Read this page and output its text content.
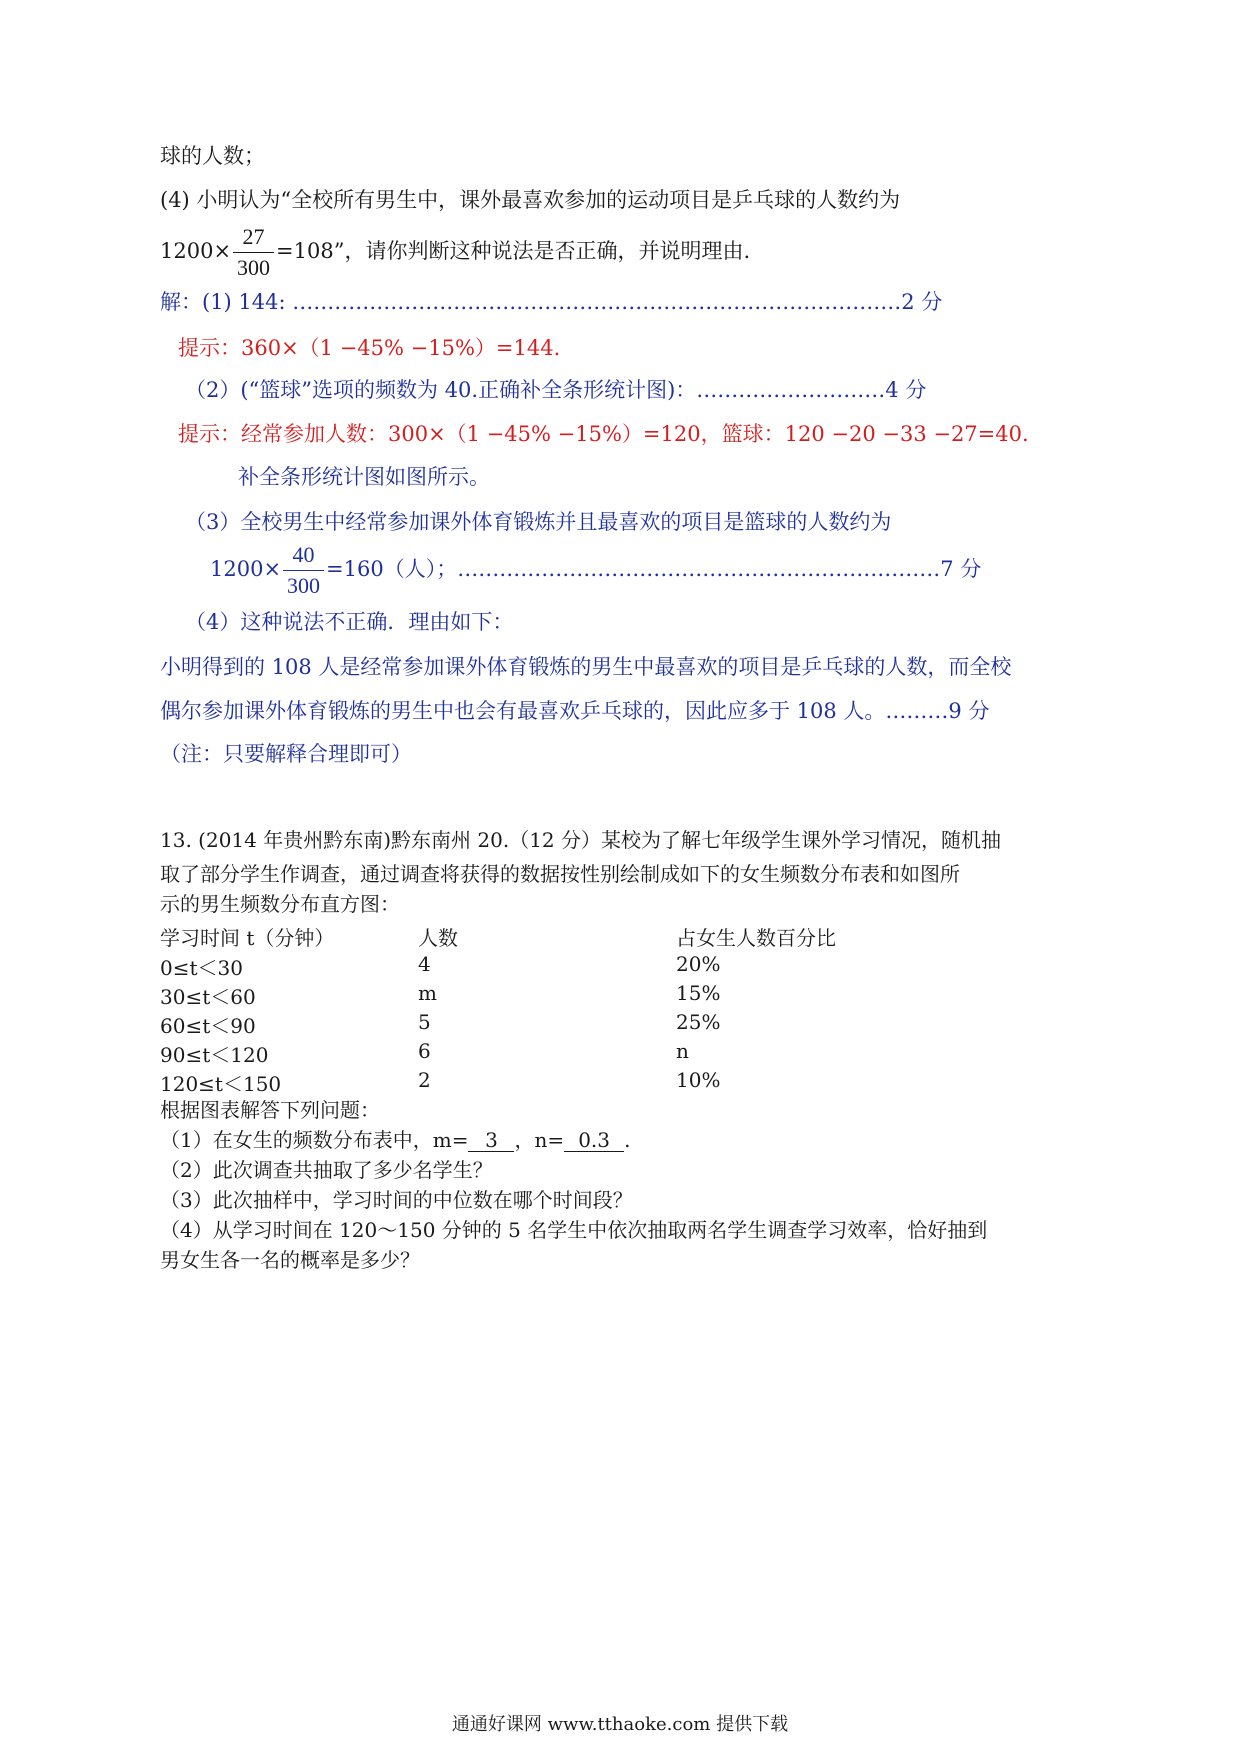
球的人数；
(4) 小明认为“全校所有男生中，课外最喜欢参加的运动项目是乒乓球的人数约为
$1200\times \frac{27}{300} =108$”，请你判断这种说法是否正确，并说明理由.
解：(1) 144: ……………………………………………………………………………2 分
提示：360×（1 −45% −15%）=144.
（2）(“篮球”选项的频数为 40.正确补全条形统计图)：………………………4 分
提示：经常参加人数：300×（1 −45% −15%）=120，篮球：120 −20 −33 −27=40.
补全条形统计图如图所示。
（3）全校男生中经常参加课外体育锻炼并且最喜欢的项目是篮球的人数约为
$1200\times \frac{40}{300} =160$（人）；……………………………………………………………7 分
（4）这种说法不正确．理由如下：
小明得到的 108 人是经常参加课外体育锻炼的男生中最喜欢的项目是乒乓球的人数，而全校
偶尔参加课外体育锻炼的男生中也会有最喜欢乒乓球的，因此应多于 108 人。………9 分
（注：只要解释合理即可）
13. (2014 年贵州黔东南)黔东南州 20.（12 分）某校为了解七年级学生课外学习情况，随机抽
取了部分学生作调查，通过调查将获得的数据按性别绘制成如下的女生频数分布表和如图所
示的男生频数分布直方图：
学习时间 t（分钟）	人数	占女生人数百分比
0≤t＜30	4	20%
30≤t＜60	m	15%
60≤t＜90	5	25%
90≤t＜120	6	n
120≤t＜150	2	10%
根据图表解答下列问题：
（1）在女生的频数分布表中，m= 3 ，n= 0.3 .
（2）此次调查共抽取了多少名学生？
（3）此次抽样中，学习时间的中位数在哪个时间段？
（4）从学习时间在 120～150 分钟的 5 名学生中依次抽取两名学生调查学习效率，恰好抽到
男女生各一名的概率是多少？
通通好课网 www.tthaoke.com 提供下载
